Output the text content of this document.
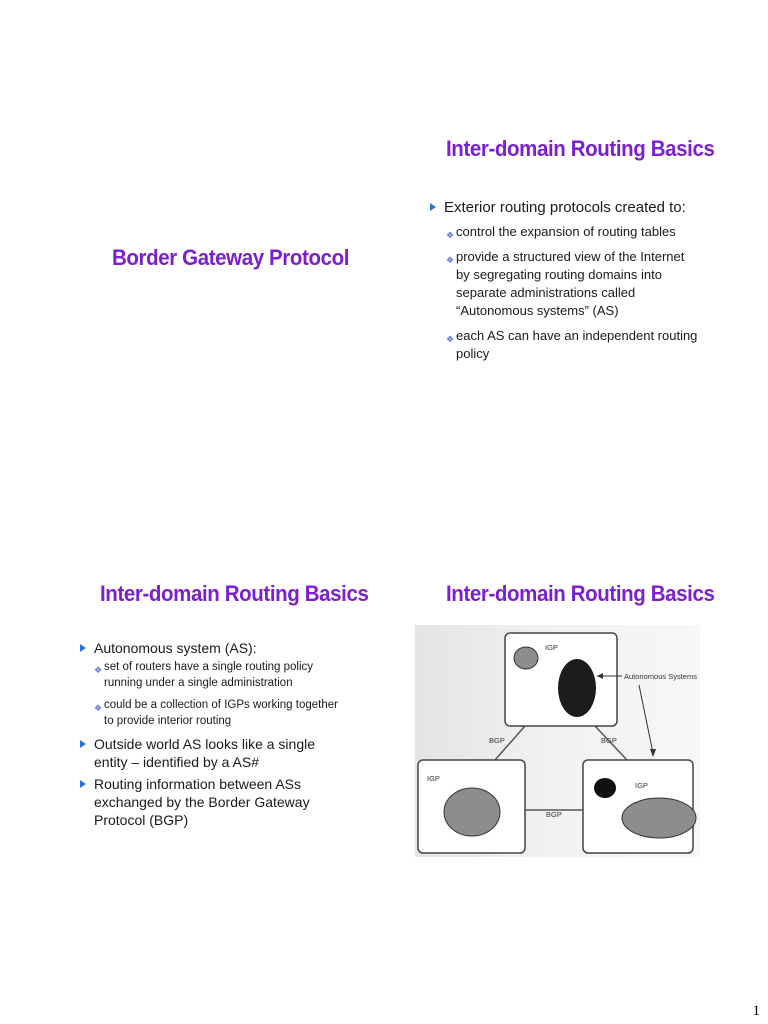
Border Gateway Protocol
Inter-domain Routing Basics
Exterior routing protocols created to:
❖ control the expansion of routing tables
❖ provide a structured view of the Internet by segregating routing domains into separate administrations called “Autonomous systems” (AS)
❖ each AS can have an independent routing policy
Inter-domain Routing Basics
Autonomous system (AS):
❖ set of routers have a single routing policy running under a single administration
❖ could be a collection of IGPs working together to provide interior routing
Outside world AS looks like a single entity – identified by a AS#
Routing information between ASs exchanged by the Border Gateway Protocol (BGP)
Inter-domain Routing Basics
IGP
IGP
IGP
BGP	BGP
BGP
Autonomous Systems
1
